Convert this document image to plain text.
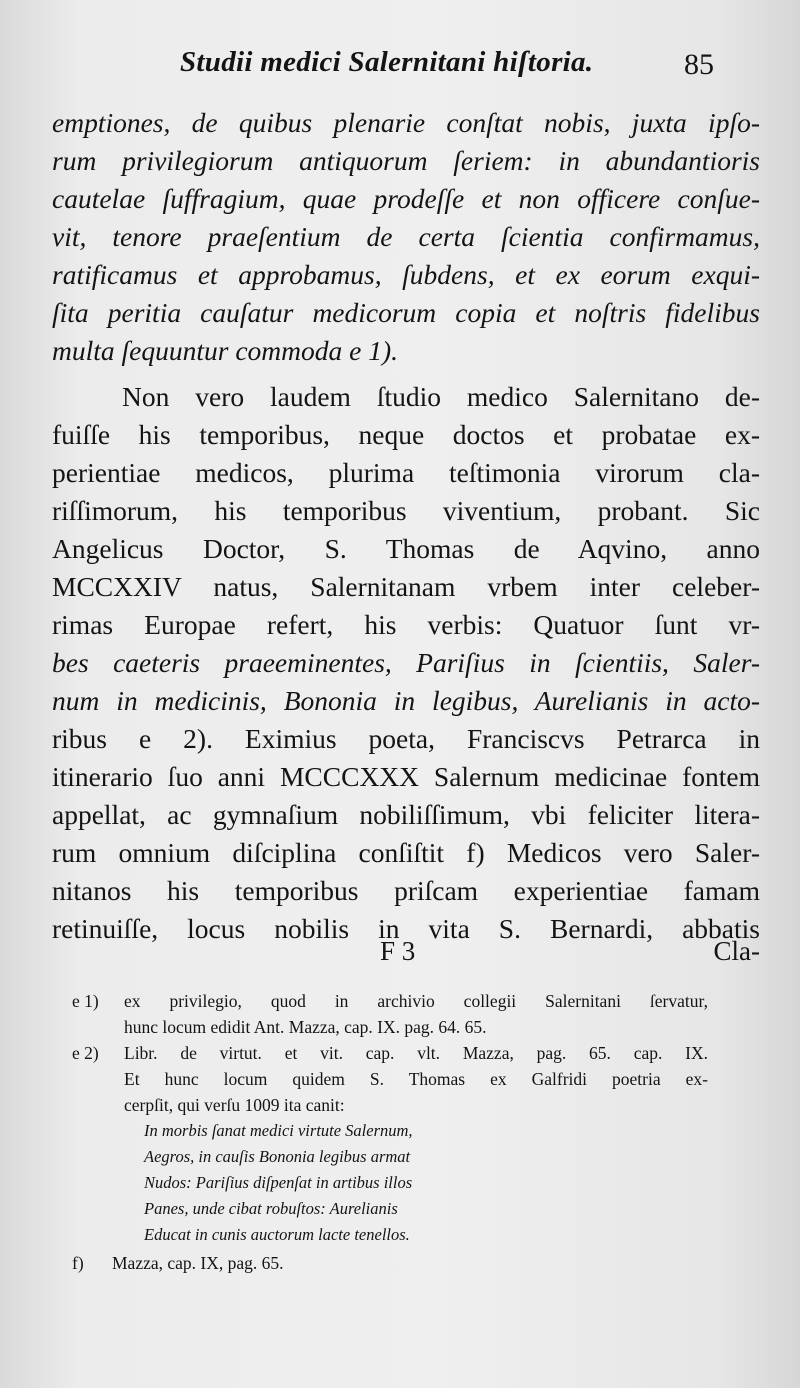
Studii medici Salernitani hiſtoria.	85
emptiones, de quibus plenarie conſtat nobis, juxta ipſo-
rum privilegiorum antiquorum ſeriem: in abundantioris
cautelae ſuffragium, quae prodeſſe et non officere conſue-
vit, tenore praeſentium de certa ſcientia confirmamus,
ratificamus et approbamus, ſubdens, et ex eorum exqui-
ſita peritia cauſatur medicorum copia et noſtris fidelibus
multa ſequuntur commoda e 1).
Non vero laudem ſtudio medico Salernitano de-
fuiſſe his temporibus, neque doctos et probatae ex-
perientiae medicos, plurima teſtimonia virorum cla-
riſſimorum, his temporibus viventium, probant. Sic
Angelicus Doctor, S. Thomas de Aqvino, anno
MCCXXIV natus, Salernitanam vrbem inter celeber-
rimas Europae refert, his verbis: Quatuor ſunt vr-
bes caeteris praeeminentes, Pariſius in ſcientiis, Saler-
num in medicinis, Bononia in legibus, Aurelianis in acto-
ribus e 2). Eximius poeta, Franciscvs Petrarca in
itinerario ſuo anni MCCCXXX Salernum medicinae fontem
appellat, ac gymnaſium nobiliſſimum, vbi feliciter litera-
rum omnium diſciplina conſiſtit f) Medicos vero Saler-
nitanos his temporibus priſcam experientiae famam
retinuiſſe, locus nobilis in vita S. Bernardi, abbatis
F 3	Cla-
e 1) ex privilegio, quod in archivio collegii Salernitani ſervatur,
hunc locum edidit Ant. Mazza, cap. IX. pag. 64. 65.
e 2) Libr. de virtut. et vit. cap. vlt. Mazza, pag. 65. cap. IX.
Et hunc locum quidem S. Thomas ex Galfridi poetria ex-
cerpſit, qui verſu 1009 ita canit:
In morbis ſanat medici virtute Salernum,
Aegros, in cauſis Bononia legibus armat
Nudos: Pariſius diſpenſat in artibus illos
Panes, unde cibat robuſtos: Aurelianis
Educat in cunis auctorum lacte tenellos.
f) Mazza, cap. IX, pag. 65.
